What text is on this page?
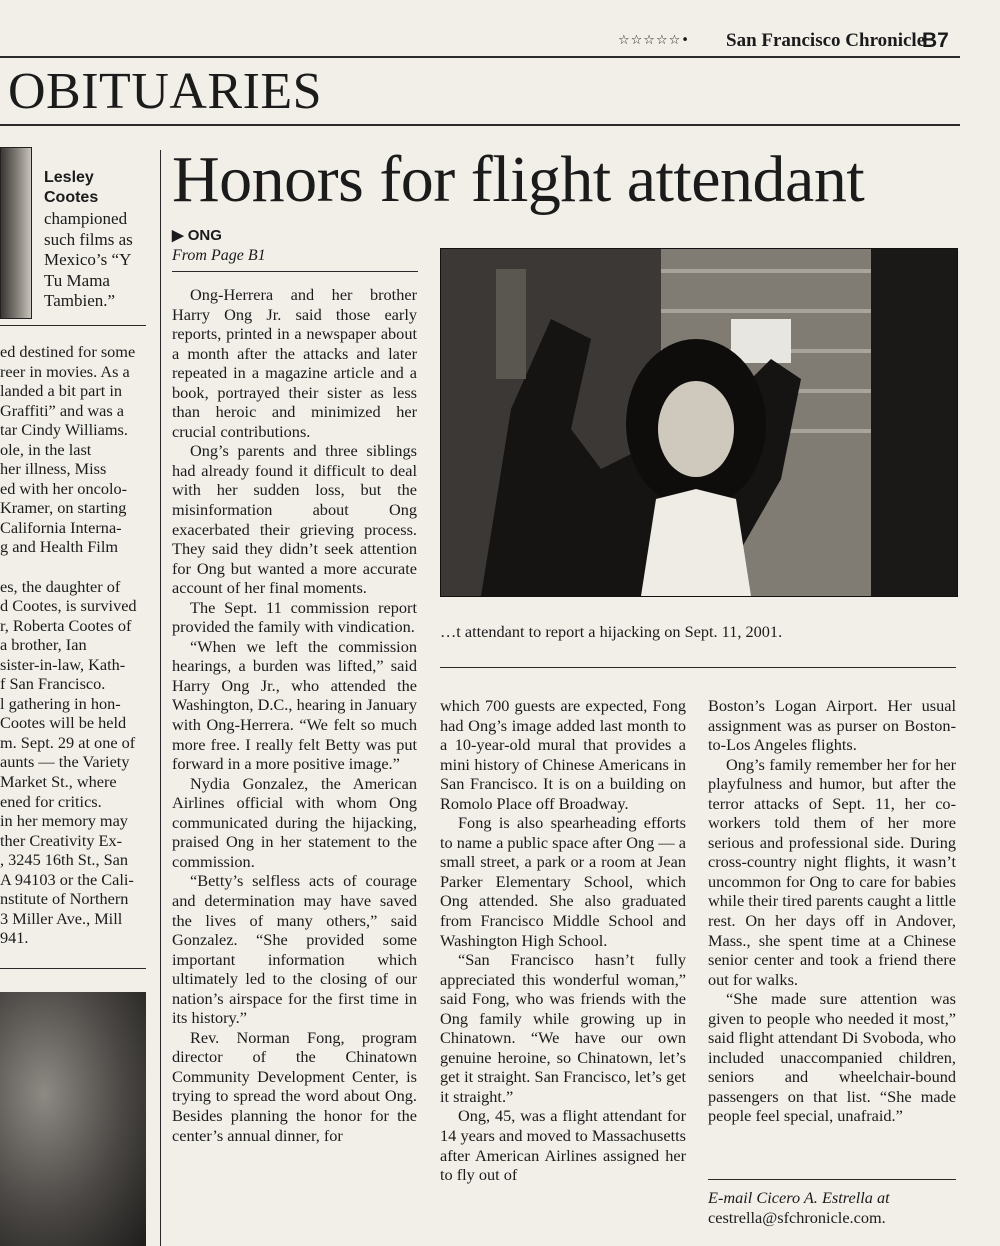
☆☆☆☆☆• San Francisco Chronicle
B7
OBITUARIES
Lesley
Cootes
championed
such films as
Mexico’s “Y
Tu Mama
Tambien.”
ed destined for some
reer in movies. As a
landed a bit part in
Graffiti” and was a
tar Cindy Williams.
ole, in the last
her illness, Miss
ed with her oncolo-
Kramer, on starting
California Interna-
g and Health Film

es, the daughter of
d Cootes, is survived
r, Roberta Cootes of
a brother, Ian
sister-in-law, Kath-
f San Francisco.
l gathering in hon-
Cootes will be held
m. Sept. 29 at one of
aunts — the Variety
Market St., where
ened for critics.
in her memory may
ther Creativity Ex-
, 3245 16th St., San
A 94103 or the Cali-
nstitute of Northern
3 Miller Ave., Mill
941.
Honors for flight attendant
▶ ONG
From Page B1

Ong-Herrera and her brother Harry Ong Jr. said those early reports, printed in a newspaper about a month after the attacks and later repeated in a magazine article and a book, portrayed their sister as less than heroic and minimized her crucial contributions.

Ong’s parents and three siblings had already found it difficult to deal with her sudden loss, but the misinformation about Ong exacerbated their grieving process. They said they didn’t seek attention for Ong but wanted a more accurate account of her final moments.

The Sept. 11 commission report provided the family with vindication.

“When we left the commission hearings, a burden was lifted,” said Harry Ong Jr., who attended the Washington, D.C., hearing in January with Ong-Herrera. “We felt so much more free. I really felt Betty was put forward in a more positive image.”

Nydia Gonzalez, the American Airlines official with whom Ong communicated during the hijacking, praised Ong in her statement to the commission.

“Betty’s selfless acts of courage and determination may have saved the lives of many others,” said Gonzalez. “She provided some important information which ultimately led to the closing of our nation’s airspace for the first time in its history.”

Rev. Norman Fong, program director of the Chinatown Community Development Center, is trying to spread the word about Ong. Besides planning the honor for the center’s annual dinner, for

…t attendant to report a hijacking on Sept. 11, 2001.

which 700 guests are expected, Fong had Ong’s image added last month to a 10-year-old mural that provides a mini history of Chinese Americans in San Francisco. It is on a building on Romolo Place off Broadway.

Fong is also spearheading efforts to name a public space after Ong — a small street, a park or a room at Jean Parker Elementary School, which Ong attended. She also graduated from Francisco Middle School and Washington High School.

“San Francisco hasn’t fully appreciated this wonderful woman,” said Fong, who was friends with the Ong family while growing up in Chinatown. “We have our own genuine heroine, so Chinatown, let’s get it straight. San Francisco, let’s get it straight.”

Ong, 45, was a flight attendant for 14 years and moved to Massachusetts after American Airlines assigned her to fly out of

Boston’s Logan Airport. Her usual assignment was as purser on Boston-to-Los Angeles flights.

Ong’s family remember her for her playfulness and humor, but after the terror attacks of Sept. 11, her co-workers told them of her more serious and professional side. During cross-country night flights, it wasn’t uncommon for Ong to care for babies while their tired parents caught a little rest. On her days off in Andover, Mass., she spent time at a Chinese senior center and took a friend there out for walks.

“She made sure attention was given to people who needed it most,” said flight attendant Di Svoboda, who included unaccompanied children, seniors and wheelchair-bound passengers on that list. “She made people feel special, unafraid.”

E-mail Cicero A. Estrella at
cestrella@sfchronicle.com.
